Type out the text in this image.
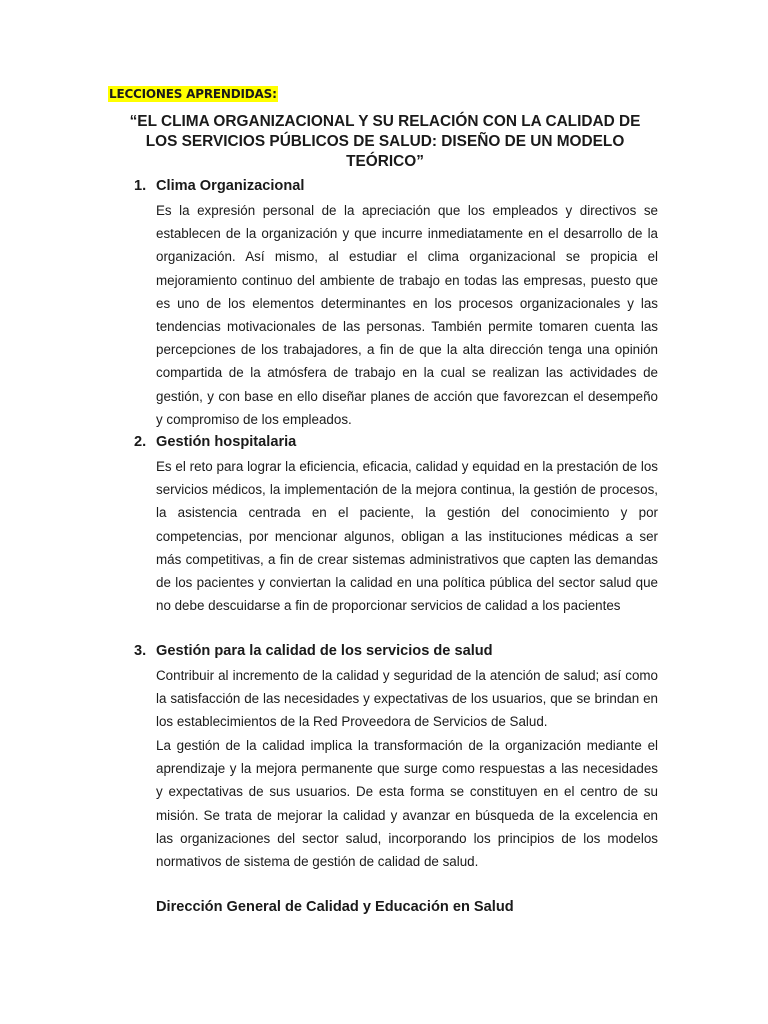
LECCIONES APRENDIDAS:
“EL CLIMA ORGANIZACIONAL Y SU RELACIÓN CON LA CALIDAD DE LOS SERVICIOS PÚBLICOS DE SALUD: DISEÑO DE UN MODELO TEÓRICO”
1. Clima Organizacional
Es la expresión personal de la apreciación que los empleados y directivos se establecen de la organización y que incurre inmediatamente en el desarrollo de la organización. Así mismo, al estudiar el clima organizacional se propicia el mejoramiento continuo del ambiente de trabajo en todas las empresas, puesto que es uno de los elementos determinantes en los procesos organizacionales y las tendencias motivacionales de las personas. También permite tomaren cuenta las percepciones de los trabajadores, a fin de que la alta dirección tenga una opinión compartida de la atmósfera de trabajo en la cual se realizan las actividades de gestión, y con base en ello diseñar planes de acción que favorezcan el desempeño y compromiso de los empleados.
2. Gestión hospitalaria
Es el reto para lograr la eficiencia, eficacia, calidad y equidad en la prestación de los servicios médicos, la implementación de la mejora continua, la gestión de procesos, la asistencia centrada en el paciente, la gestión del conocimiento y por competencias, por mencionar algunos, obligan a las instituciones médicas a ser más competitivas, a fin de crear sistemas administrativos que capten las demandas de los pacientes y conviertan la calidad en una política pública del sector salud que no debe descuidarse a fin de proporcionar servicios de calidad a los pacientes
3. Gestión para la calidad de los servicios de salud
Contribuir al incremento de la calidad y seguridad de la atención de salud; así como la satisfacción de las necesidades y expectativas de los usuarios, que se brindan en los establecimientos de la Red Proveedora de Servicios de Salud.
La gestión de la calidad implica la transformación de la organización mediante el aprendizaje y la mejora permanente que surge como respuestas a las necesidades y expectativas de sus usuarios. De esta forma se constituyen en el centro de su misión. Se trata de mejorar la calidad y avanzar en búsqueda de la excelencia en las organizaciones del sector salud, incorporando los principios de los modelos normativos de sistema de gestión de calidad de salud.
Dirección General de Calidad y Educación en Salud
